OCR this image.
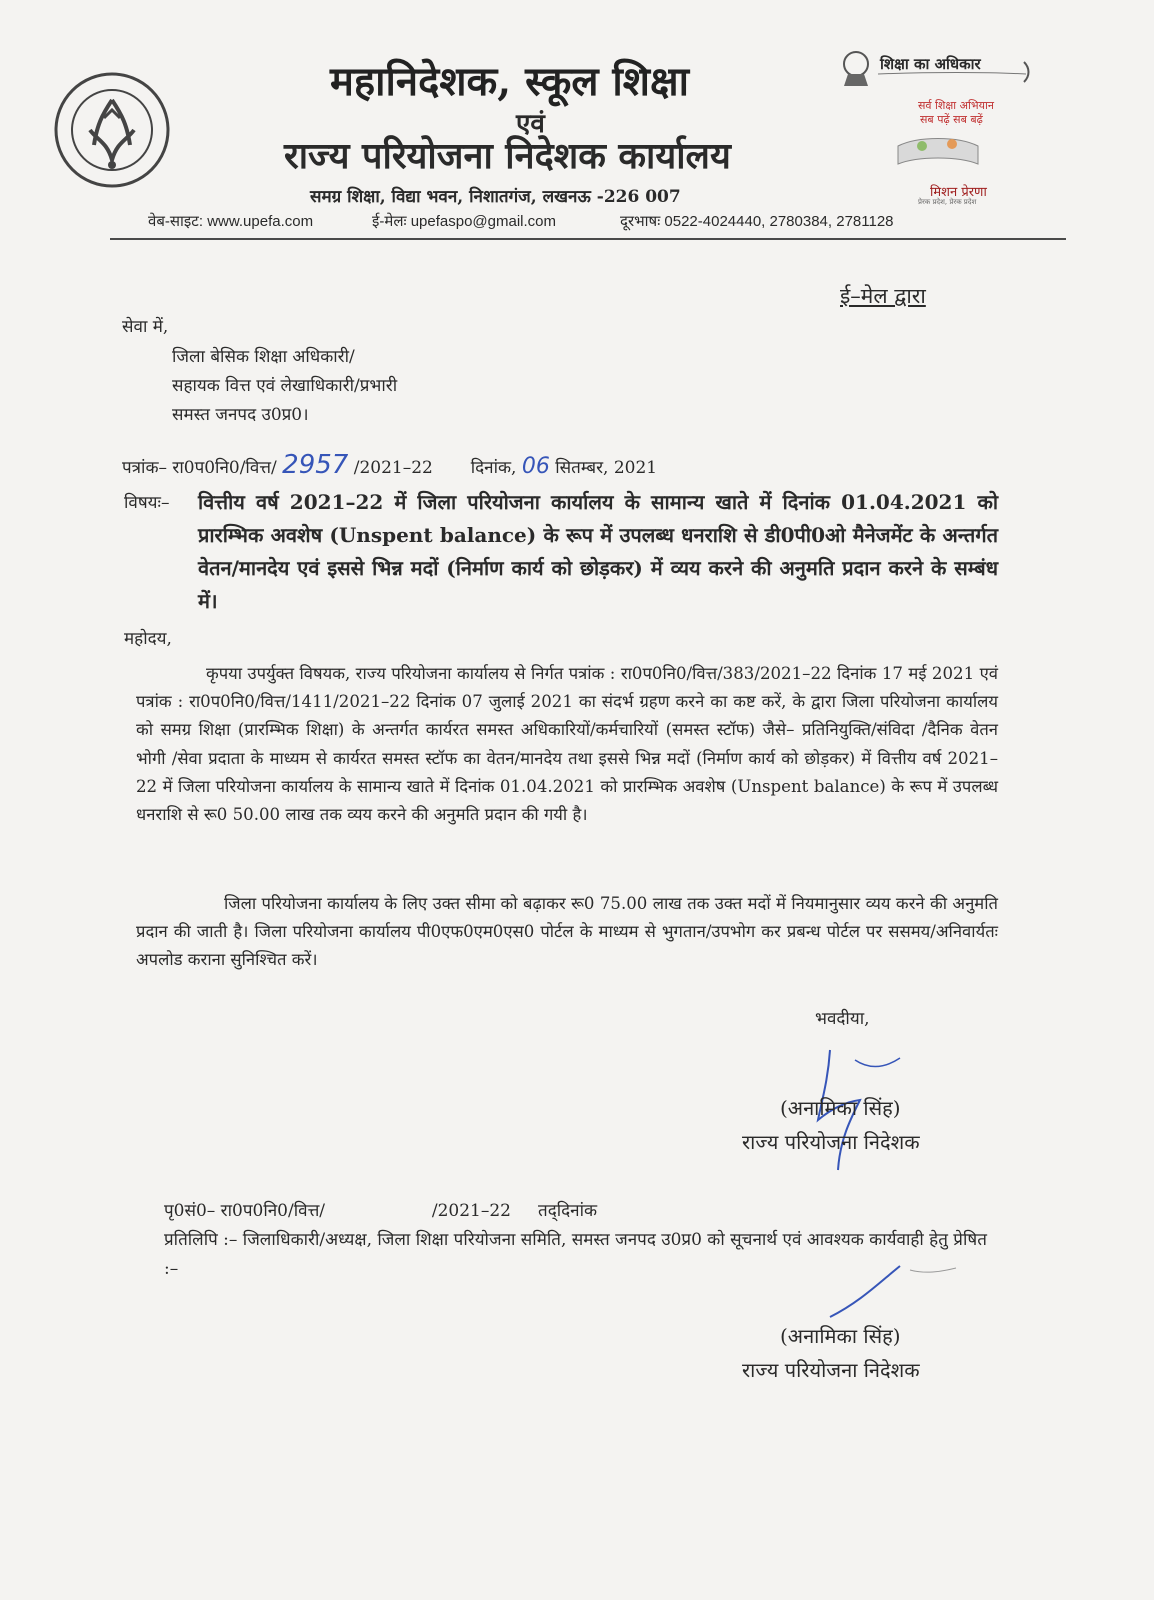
महानिदेशक, स्कूल शिक्षा
एवं
राज्य परियोजना निदेशक कार्यालय
समग्र शिक्षा, विद्या भवन, निशातगंज, लखनऊ -226 007
वेब-साइट: www.upefa.com	ई-मेलः upefaspo@gmail.com	दूरभाषः 0522-4024440, 2780384, 2781128
शिक्षा का अधिकार
सर्व शिक्षा अभियान
सब पढ़ें सब बढ़ें
मिशन प्रेरणा
प्रेरक प्रदेश, प्रेरक प्रदेश
ई–मेल द्वारा
सेवा में,
जिला बेसिक शिक्षा अधिकारी/
सहायक वित्त एवं लेखाधिकारी/प्रभारी
समस्त जनपद उ0प्र0।
पत्रांक– रा0प0नि0/वित्त/ 2957 /2021–22 दिनांक, 06 सितम्बर, 2021
विषयः– वित्तीय वर्ष 2021–22 में जिला परियोजना कार्यालय के सामान्य खाते में दिनांक 01.04.2021 को प्रारम्भिक अवशेष (Unspent balance) के रूप में उपलब्ध धनराशि से डी0पी0ओ मैनेजमेंट के अन्तर्गत वेतन/मानदेय एवं इससे भिन्न मदों (निर्माण कार्य को छोड़कर) में व्यय करने की अनुमति प्रदान करने के सम्बंध में।
महोदय,
कृपया उपर्युक्त विषयक, राज्य परियोजना कार्यालय से निर्गत पत्रांक : रा0प0नि0/वित्त/383/2021–22 दिनांक 17 मई 2021 एवं पत्रांक : रा0प0नि0/वित्त/1411/2021–22 दिनांक 07 जुलाई 2021 का संदर्भ ग्रहण करने का कष्ट करें, के द्वारा जिला परियोजना कार्यालय को समग्र शिक्षा (प्रारम्भिक शिक्षा) के अन्तर्गत कार्यरत समस्त अधिकारियों/कर्मचारियों (समस्त स्टॉफ) जैसे– प्रतिनियुक्ति/संविदा /दैनिक वेतन भोगी /सेवा प्रदाता के माध्यम से कार्यरत समस्त स्टॉफ का वेतन/मानदेय तथा इससे भिन्न मदों (निर्माण कार्य को छोड़कर) में वित्तीय वर्ष 2021–22 में जिला परियोजना कार्यालय के सामान्य खाते में दिनांक 01.04.2021 को प्रारम्भिक अवशेष (Unspent balance) के रूप में उपलब्ध धनराशि से रू0 50.00 लाख तक व्यय करने की अनुमति प्रदान की गयी है।
जिला परियोजना कार्यालय के लिए उक्त सीमा को बढ़ाकर रू0 75.00 लाख तक उक्त मदों में नियमानुसार व्यय करने की अनुमति प्रदान की जाती है। जिला परियोजना कार्यालय पी0एफ0एम0एस0 पोर्टल के माध्यम से भुगतान/उपभोग कर प्रबन्ध पोर्टल पर ससमय/अनिवार्यतः अपलोड कराना सुनिश्चित करें।
भवदीया,
(अनामिका सिंह)
राज्य परियोजना निदेशक
पृ0सं0– रा0प0नि0/वित्त/	/2021–22 तद्‌दिनांक
प्रतिलिपि :– जिलाधिकारी/अध्यक्ष, जिला शिक्षा परियोजना समिति, समस्त जनपद उ0प्र0 को सूचनार्थ एवं आवश्यक कार्यवाही हेतु प्रेषित :–
(अनामिका सिंह)
राज्य परियोजना निदेशक
